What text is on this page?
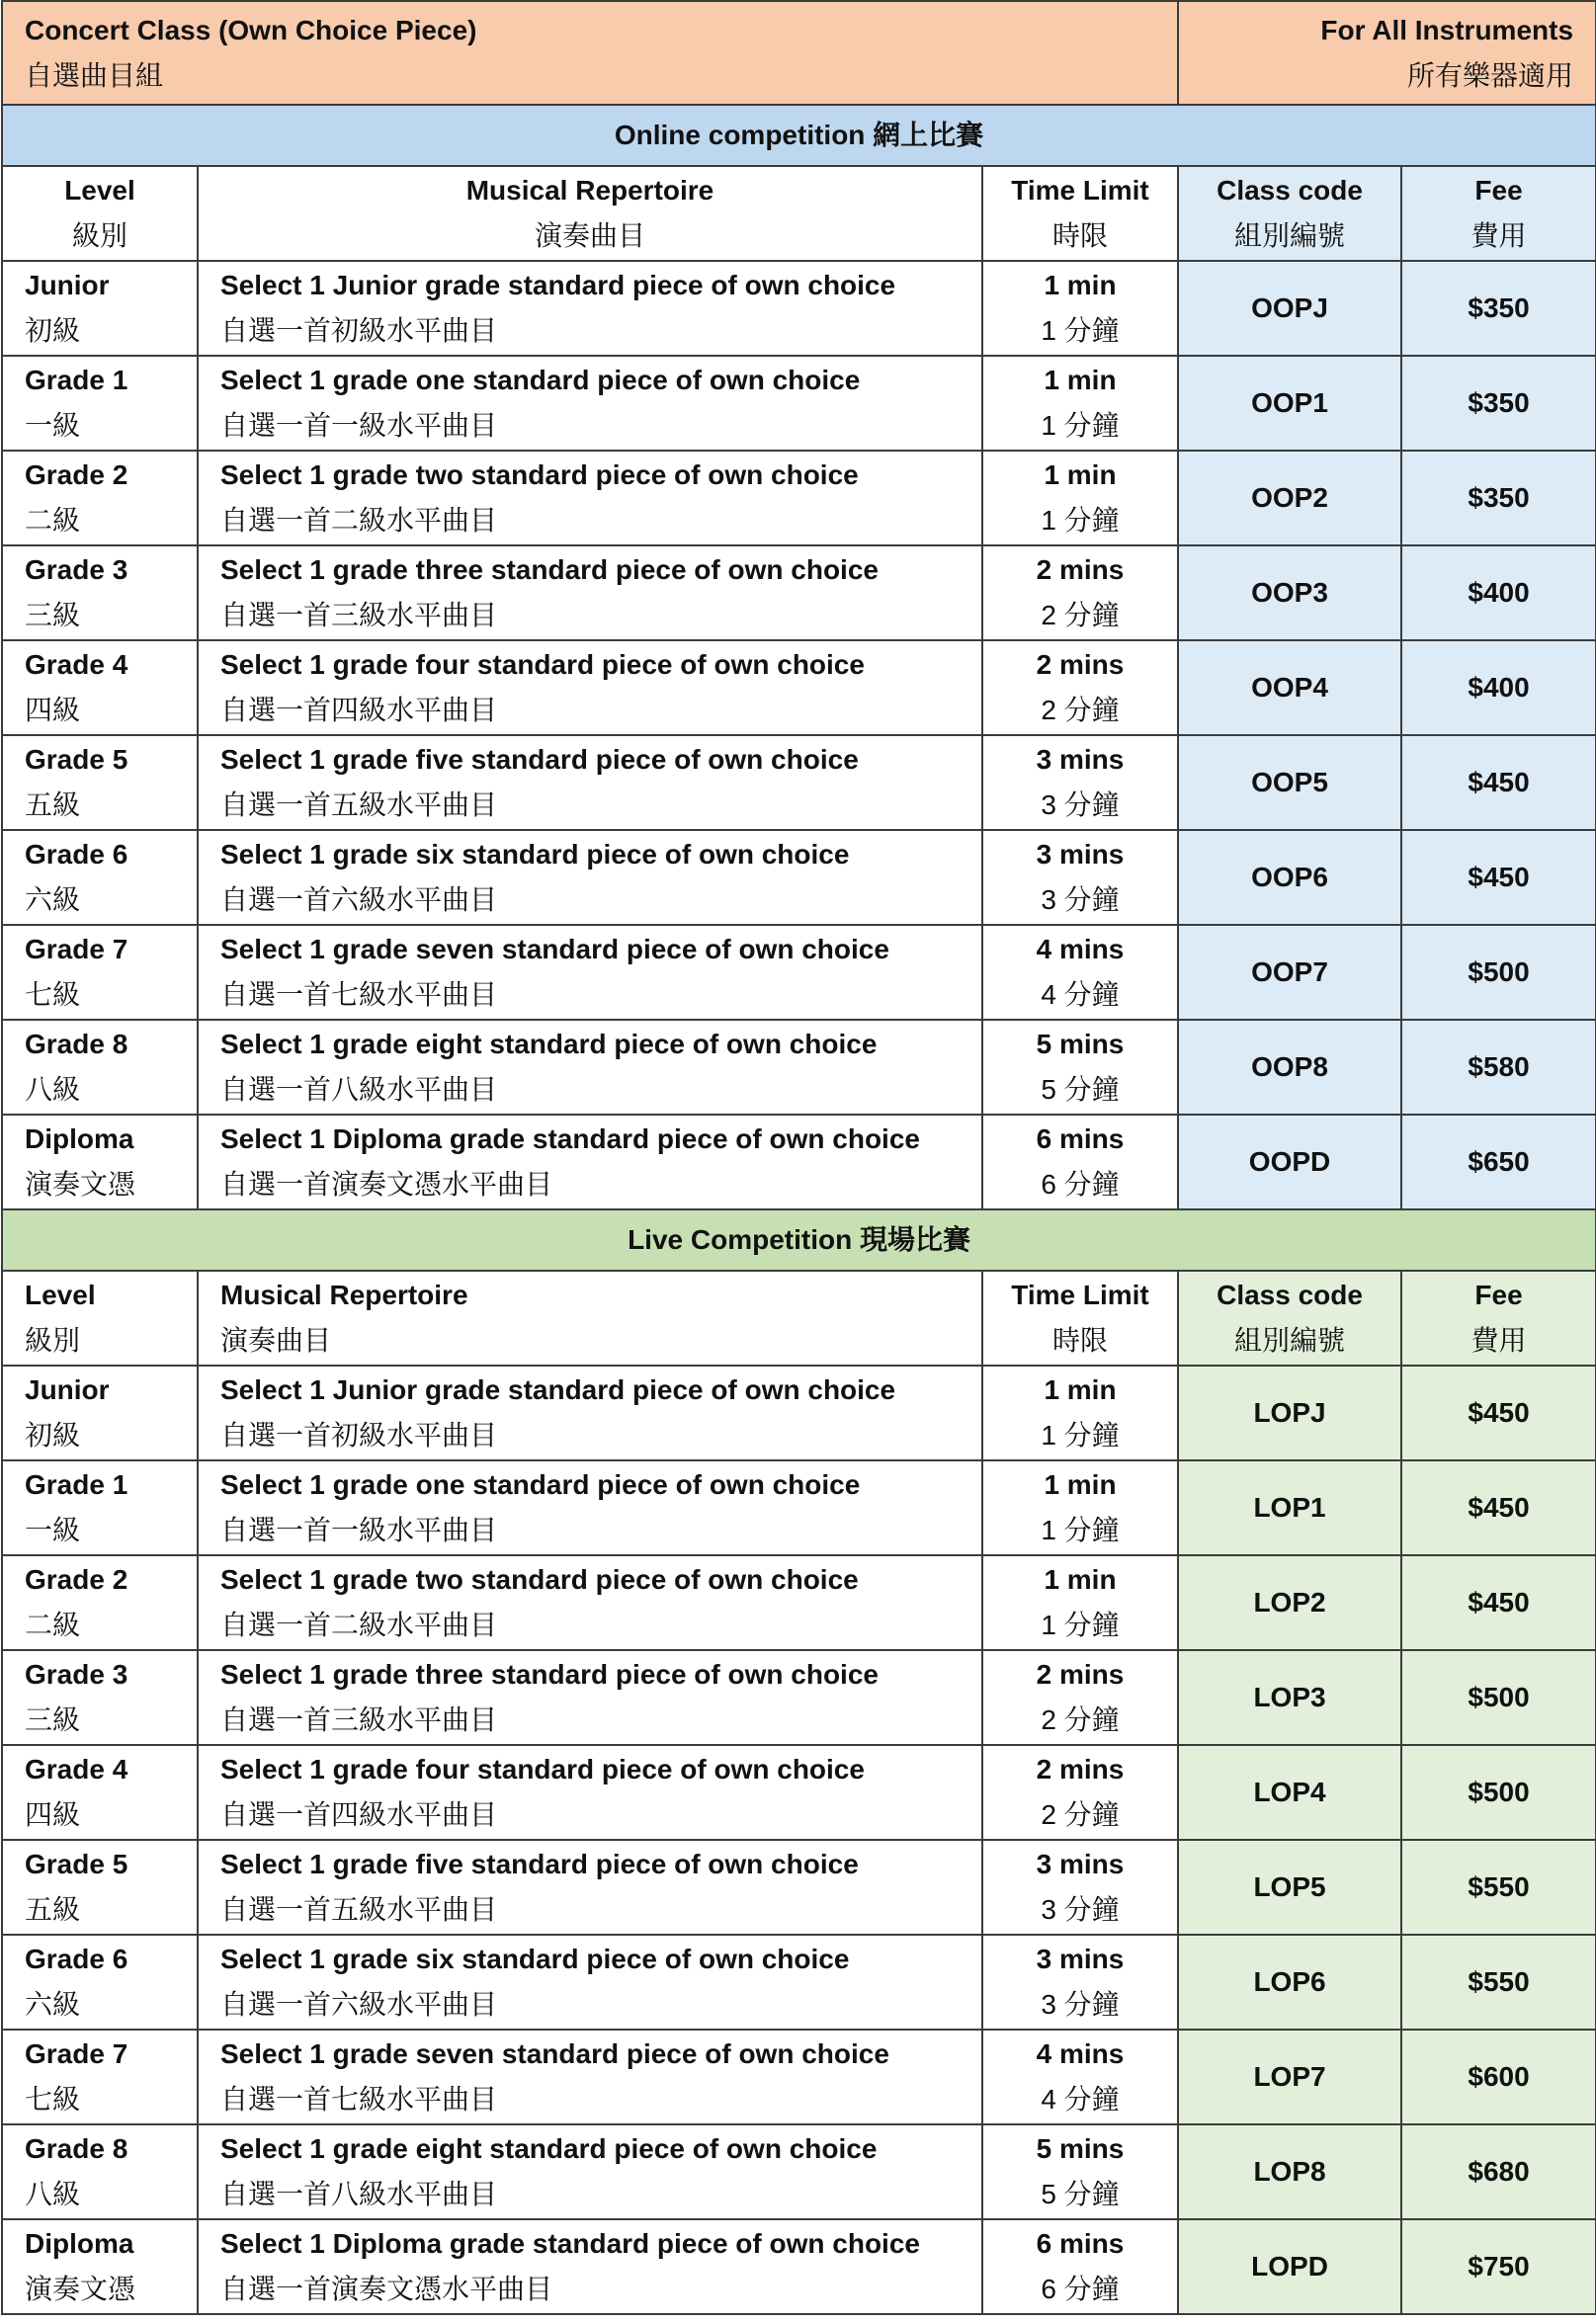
Concert Class (Own Choice Piece)
自選曲目組			For All Instruments
所有樂器適用	

Online competition 網上比賽				

Level
級別	Musical Repertoire
演奏曲目	Time Limit
時限	Class code
組別編號	Fee
費用

Junior
初級	Select 1 Junior grade standard piece of own choice
自選一首初級水平曲目	1 min
1 分鐘	OOPJ	$350

Grade 1
一級	Select 1 grade one standard piece of own choice
自選一首一級水平曲目	1 min
1 分鐘	OOP1	$350

Grade 2
二級	Select 1 grade two standard piece of own choice
自選一首二級水平曲目	1 min
1 分鐘	OOP2	$350

Grade 3
三級	Select 1 grade three standard piece of own choice
自選一首三級水平曲目	2 mins
2 分鐘	OOP3	$400

Grade 4
四級	Select 1 grade four standard piece of own choice
自選一首四級水平曲目	2 mins
2 分鐘	OOP4	$400

Grade 5
五級	Select 1 grade five standard piece of own choice
自選一首五級水平曲目	3 mins
3 分鐘	OOP5	$450

Grade 6
六級	Select 1 grade six standard piece of own choice
自選一首六級水平曲目	3 mins
3 分鐘	OOP6	$450

Grade 7
七級	Select 1 grade seven standard piece of own choice
自選一首七級水平曲目	4 mins
4 分鐘	OOP7	$500

Grade 8
八級	Select 1 grade eight standard piece of own choice
自選一首八級水平曲目	5 mins
5 分鐘	OOP8	$580

Diploma
演奏文憑	Select 1 Diploma grade standard piece of own choice
自選一首演奏文憑水平曲目	6 mins
6 分鐘	OOPD	$650

Live Competition 現場比賽				

Level
級別	Musical Repertoire
演奏曲目	Time Limit
時限	Class code
組別編號	Fee
費用

Junior
初級	Select 1 Junior grade standard piece of own choice
自選一首初級水平曲目	1 min
1 分鐘	LOPJ	$450

Grade 1
一級	Select 1 grade one standard piece of own choice
自選一首一級水平曲目	1 min
1 分鐘	LOP1	$450

Grade 2
二級	Select 1 grade two standard piece of own choice
自選一首二級水平曲目	1 min
1 分鐘	LOP2	$450

Grade 3
三級	Select 1 grade three standard piece of own choice
自選一首三級水平曲目	2 mins
2 分鐘	LOP3	$500

Grade 4
四級	Select 1 grade four standard piece of own choice
自選一首四級水平曲目	2 mins
2 分鐘	LOP4	$500

Grade 5
五級	Select 1 grade five standard piece of own choice
自選一首五級水平曲目	3 mins
3 分鐘	LOP5	$550

Grade 6
六級	Select 1 grade six standard piece of own choice
自選一首六級水平曲目	3 mins
3 分鐘	LOP6	$550

Grade 7
七級	Select 1 grade seven standard piece of own choice
自選一首七級水平曲目	4 mins
4 分鐘	LOP7	$600

Grade 8
八級	Select 1 grade eight standard piece of own choice
自選一首八級水平曲目	5 mins
5 分鐘	LOP8	$680

Diploma
演奏文憑	Select 1 Diploma grade standard piece of own choice
自選一首演奏文憑水平曲目	6 mins
6 分鐘	LOPD	$750
